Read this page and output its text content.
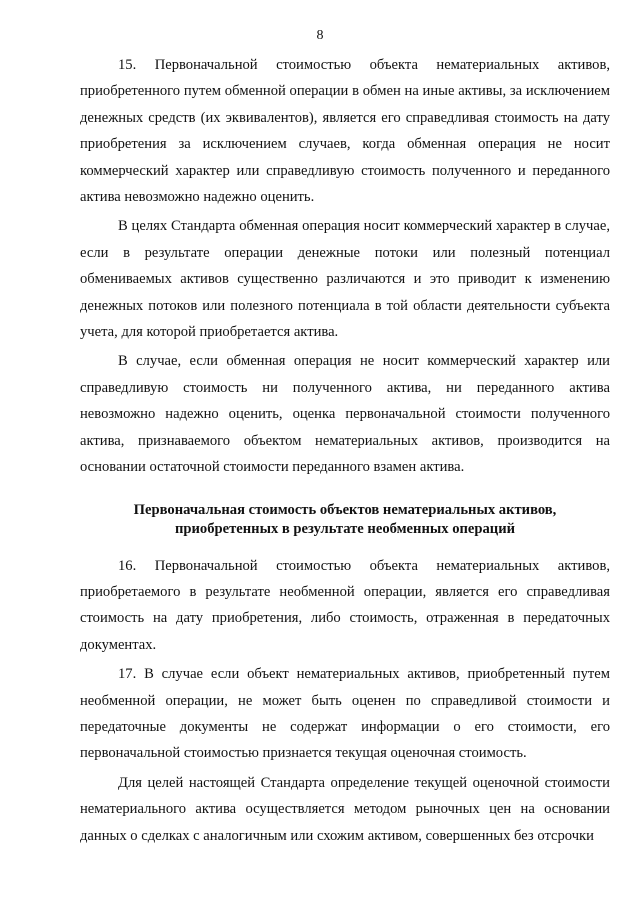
8

15. Первоначальной стоимостью объекта нематериальных активов, приобретенного путем обменной операции в обмен на иные активы, за исключением денежных средств (их эквивалентов), является его справедливая стоимость на дату приобретения за исключением случаев, когда обменная операция не носит коммерческий характер или справедливую стоимость полученного и переданного актива невозможно надежно оценить.

В целях Стандарта обменная операция носит коммерческий характер в случае, если в результате операции денежные потоки или полезный потенциал обмениваемых активов существенно различаются и это приводит к изменению денежных потоков или полезного потенциала в той области деятельности субъекта учета, для которой приобретается актива.

В случае, если обменная операция не носит коммерческий характер или справедливую стоимость ни полученного актива, ни переданного актива невозможно надежно оценить, оценка первоначальной стоимости полученного актива, признаваемого объектом нематериальных активов, производится на основании остаточной стоимости переданного взамен актива.

Первоначальная стоимость объектов нематериальных активов,
приобретенных в результате необменных операций

16. Первоначальной стоимостью объекта нематериальных активов, приобретаемого в результате необменной операции, является его справедливая стоимость на дату приобретения, либо стоимость, отраженная в передаточных документах.

17. В случае если объект нематериальных активов, приобретенный путем необменной операции, не может быть оценен по справедливой стоимости и передаточные документы не содержат информации о его стоимости, его первоначальной стоимостью признается текущая оценочная стоимость.

Для целей настоящей Стандарта определение текущей оценочной стоимости нематериального актива осуществляется методом рыночных цен на основании данных о сделках с аналогичным или схожим активом, совершенных без отсрочки
